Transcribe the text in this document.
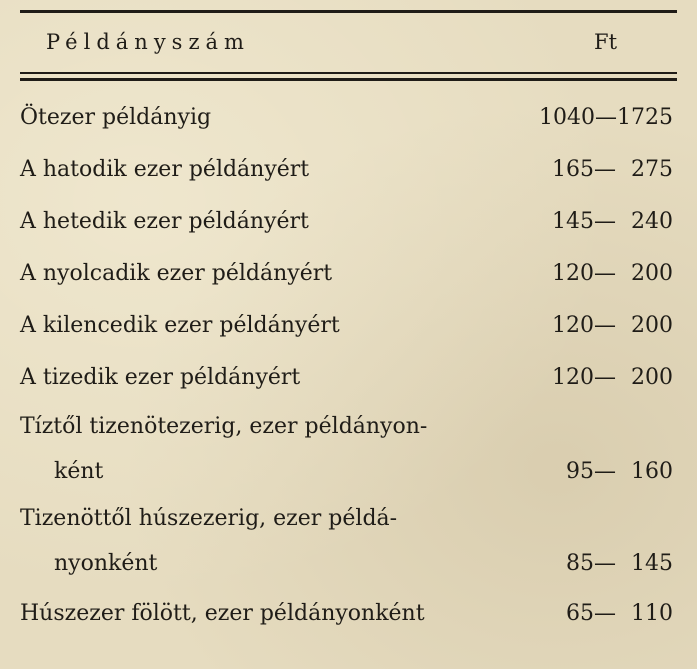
Példányszám	Ft
Ötezer példányig	1040—1725
A hatodik ezer példányért	165— 275
A hetedik ezer példányért	145— 240
A nyolcadik ezer példányért	120— 200
A kilencedik ezer példányért	120— 200
A tizedik ezer példányért	120— 200
Tíztől tizenötezerig, ezer példányon-
ként	95— 160
Tizenöttől húszezerig, ezer példá-
nyonként	85— 145
Húszezer fölött, ezer példányonként	65— 110
